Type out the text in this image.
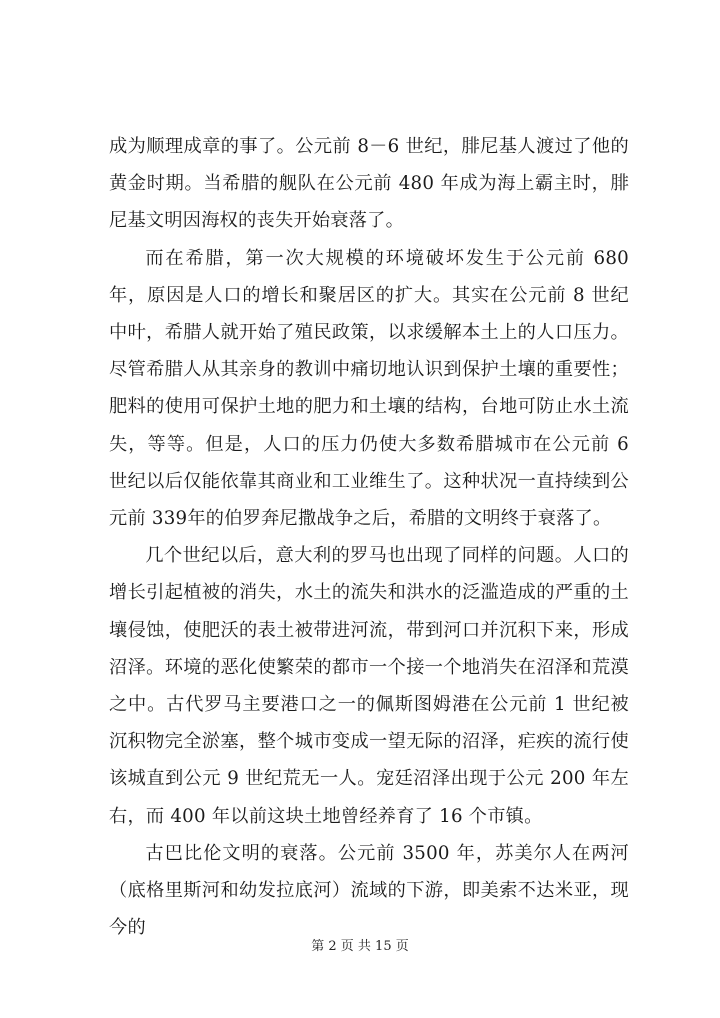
成为顺理成章的事了。公元前 8－6 世纪，腓尼基人渡过了他的黄金时期。当希腊的舰队在公元前 480 年成为海上霸主时，腓尼基文明因海权的丧失开始衰落了。

而在希腊，第一次大规模的环境破坏发生于公元前 680 年，原因是人口的增长和聚居区的扩大。其实在公元前 8 世纪中叶，希腊人就开始了殖民政策，以求缓解本土上的人口压力。尽管希腊人从其亲身的教训中痛切地认识到保护土壤的重要性；肥料的使用可保护土地的肥力和土壤的结构，台地可防止水土流失，等等。但是，人口的压力仍使大多数希腊城市在公元前 6 世纪以后仅能依靠其商业和工业维生了。这种状况一直持续到公元前 339年的伯罗奔尼撒战争之后，希腊的文明终于衰落了。

几个世纪以后，意大利的罗马也出现了同样的问题。人口的增长引起植被的消失，水土的流失和洪水的泛滥造成的严重的土壤侵蚀，使肥沃的表土被带进河流，带到河口并沉积下来，形成沼泽。环境的恶化使繁荣的都市一个接一个地消失在沼泽和荒漠之中。古代罗马主要港口之一的佩斯图姆港在公元前 1 世纪被沉积物完全淤塞，整个城市变成一望无际的沼泽，疟疾的流行使该城直到公元 9 世纪荒无一人。宠廷沼泽出现于公元 200 年左右，而 400 年以前这块土地曾经养育了 16 个市镇。

古巴比伦文明的衰落。公元前 3500 年，苏美尔人在两河（底格里斯河和幼发拉底河）流域的下游，即美索不达米亚，现今的

第 2 页 共 15 页
